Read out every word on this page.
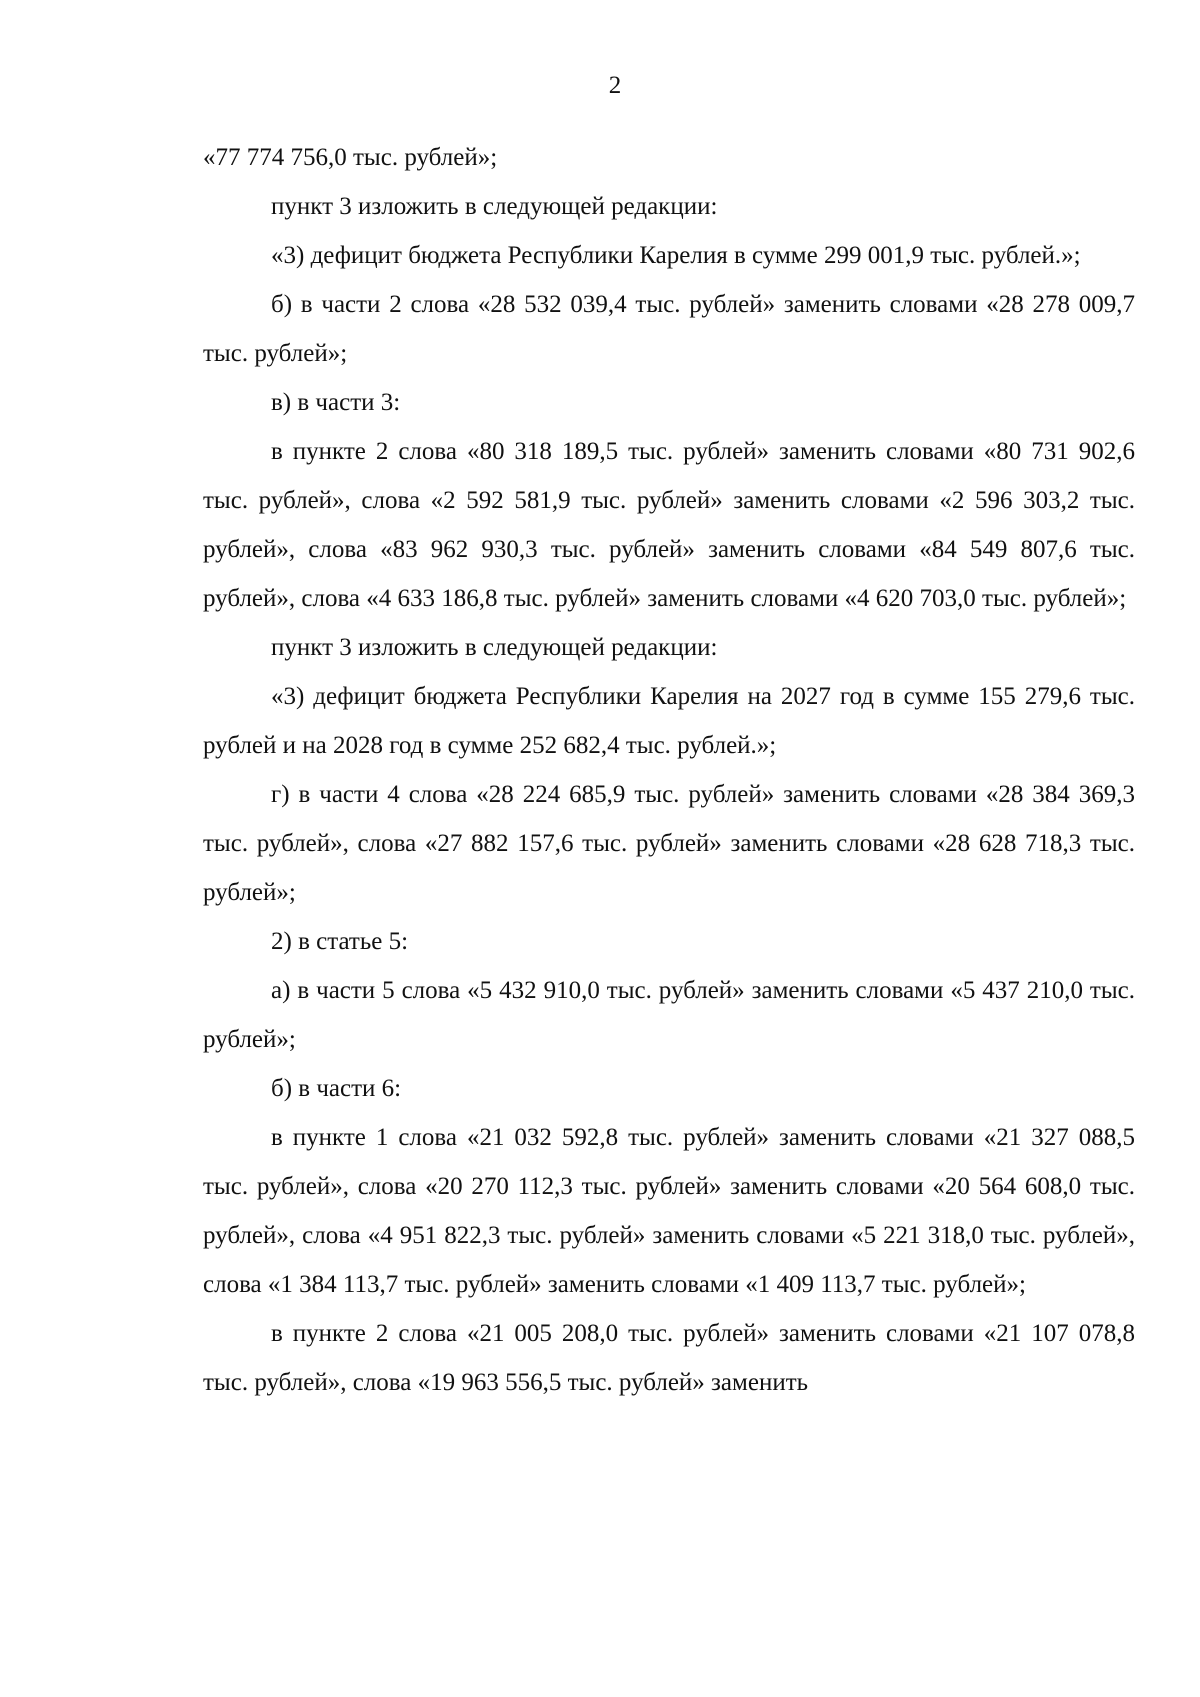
2

«77 774 756,0 тыс. рублей»;

пункт 3 изложить в следующей редакции:

«3) дефицит бюджета Республики Карелия в сумме 299 001,9 тыс. рублей.»;

б) в части 2 слова «28 532 039,4 тыс. рублей» заменить словами «28 278 009,7 тыс. рублей»;

в) в части 3:

в пункте 2 слова «80 318 189,5 тыс. рублей» заменить словами «80 731 902,6 тыс. рублей», слова «2 592 581,9 тыс. рублей» заменить словами «2 596 303,2 тыс. рублей», слова «83 962 930,3 тыс. рублей» заменить словами «84 549 807,6 тыс. рублей», слова «4 633 186,8 тыс. рублей» заменить словами «4 620 703,0 тыс. рублей»;

пункт 3 изложить в следующей редакции:

«3) дефицит бюджета Республики Карелия на 2027 год в сумме 155 279,6 тыс. рублей и на 2028 год в сумме 252 682,4 тыс. рублей.»;

г) в части 4 слова «28 224 685,9 тыс. рублей» заменить словами «28 384 369,3 тыс. рублей», слова «27 882 157,6 тыс. рублей» заменить словами «28 628 718,3 тыс. рублей»;

2) в статье 5:

а) в части 5 слова «5 432 910,0 тыс. рублей» заменить словами «5 437 210,0 тыс. рублей»;

б) в части 6:

в пункте 1 слова «21 032 592,8 тыс. рублей» заменить словами «21 327 088,5 тыс. рублей», слова «20 270 112,3 тыс. рублей» заменить словами «20 564 608,0 тыс. рублей», слова «4 951 822,3 тыс. рублей» заменить словами «5 221 318,0 тыс. рублей», слова «1 384 113,7 тыс. рублей» заменить словами «1 409 113,7 тыс. рублей»;

в пункте 2 слова «21 005 208,0 тыс. рублей» заменить словами «21 107 078,8 тыс. рублей», слова «19 963 556,5 тыс. рублей» заменить
